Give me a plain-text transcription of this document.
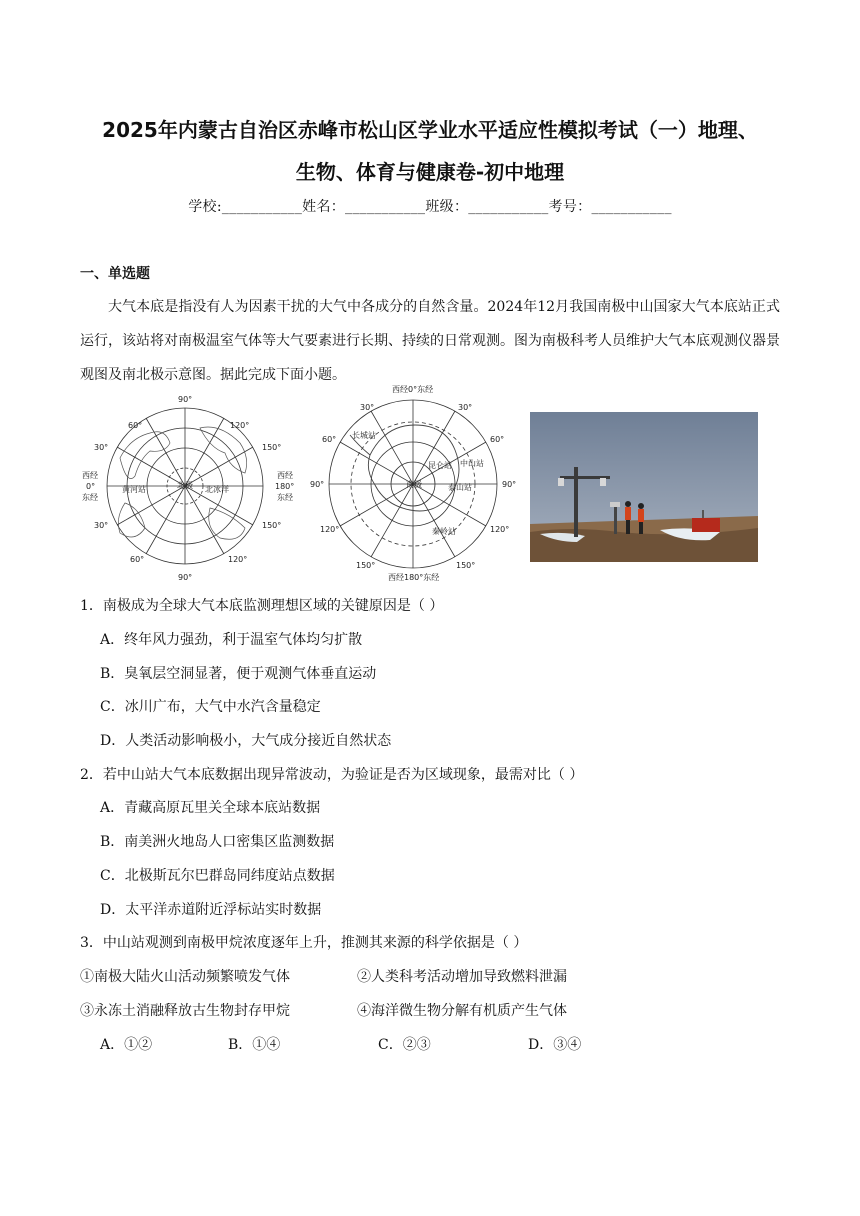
2025年内蒙古自治区赤峰市松山区学业水平适应性模拟考试（一）地理、
生物、体育与健康卷-初中地理
学校:___________姓名：___________班级：___________考号：___________
一、单选题

大气本底是指没有人为因素干扰的大气中各成分的自然含量。2024年12月我国南极中山国家大气本底站正式运行，该站将对南极温室气体等大气要素进行长期、持续的日常观测。图为南极科考人员维护大气本底观测仪器景观图及南北极示意图。据此完成下面小题。

90°
90°
60°	120°
30°	150°
西经
0°
东经
西经
180°
东经
30°	150°
60°	120°
黄河站	北极 北冰洋
西经0°东经
西经180°东经
30°	30°
60°	60°
90°	90°
120°	120°
150°	150°
长城站
中山站
昆仑站
泰山站
秦岭站
南极
1．南极成为全球大气本底监测理想区域的关键原因是（ ）
A．终年风力强劲，利于温室气体均匀扩散
B．臭氧层空洞显著，便于观测气体垂直运动
C．冰川广布，大气中水汽含量稳定
D．人类活动影响极小，大气成分接近自然状态
2．若中山站大气本底数据出现异常波动，为验证是否为区域现象，最需对比（ ）
A．青藏高原瓦里关全球本底站数据
B．南美洲火地岛人口密集区监测数据
C．北极斯瓦尔巴群岛同纬度站点数据
D．太平洋赤道附近浮标站实时数据
3．中山站观测到南极甲烷浓度逐年上升，推测其来源的科学依据是（ ）
①南极大陆火山活动频繁喷发气体	②人类科考活动增加导致燃料泄漏
③永冻土消融释放古生物封存甲烷	④海洋微生物分解有机质产生气体
A．①②	B．①④	C．②③	D．③④
